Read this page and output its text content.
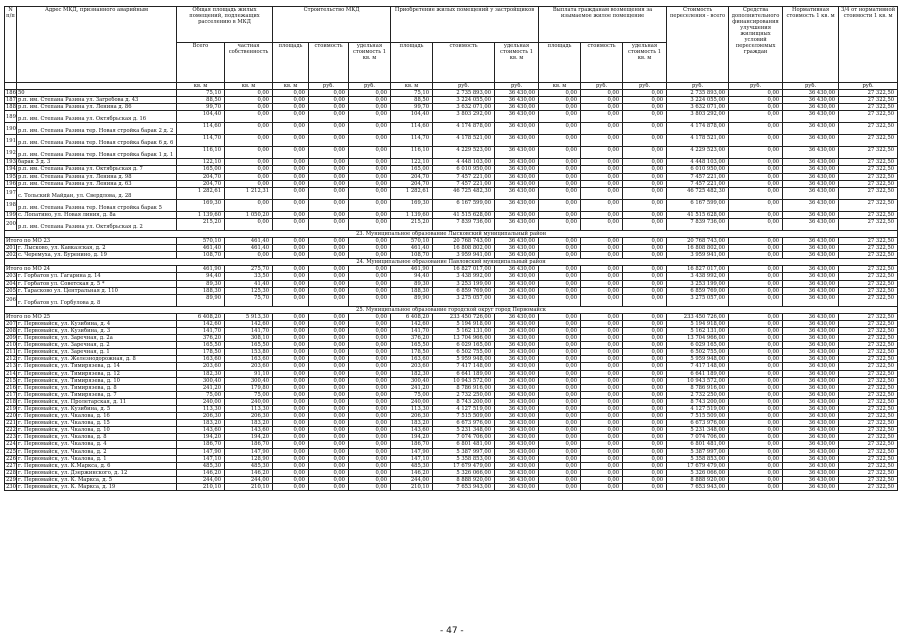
N п/п	Адрес МКД, признанного аварийным	Общая площадь жилых помещений, подлежащих расселению в МКД		Строительство МКД			Приобретение жилых помещений у застройщиков			Выплата гражданам возмещения за изымаемое жилое помещение			Стоимость переселения - всего	Средства дополнительного финансирования улучшения жилищных условий переселяемых граждан	Нормативная стоимость 1 кв. м	3/4 от нормативной стоимости 1 кв. м
		Всего	частная собственность	площадь	стоимость	удельная стоимость 1 кв. м	площадь	стоимость	удельная стоимость 1 кв. м	площадь	стоимость	удельная стоимость 1 кв. м				
		кв. м	кв. м	кв. м	руб.	руб.	кв. м	руб.	руб.	кв. м	руб.	руб.	руб.	руб.	руб.	руб.
186	50	75,10	0,00	0,00	0,00	0,00	75,10	2 735 893,00	36 430,00	0,00	0,00	0,00	2 735 893,00	0,00	36 430,00	27 322,50
187	р.п. им. Степана Разина ул. Загребова д. 43	88,50	0,00	0,00	0,00	0,00	88,50	3 224 055,00	36 430,00	0,00	0,00	0,00	3 224 055,00	0,00	36 430,00	27 322,50
188	р.п. им. Степана Разина ул. Ленина д. 86	99,70	0,00	0,00	0,00	0,00	99,70	3 632 071,00	36 430,00	0,00	0,00	0,00	3 632 071,00	0,00	36 430,00	27 322,50
189	р.п. им. Степана Разина ул. Октябрьская д. 16	104,40	0,00	0,00	0,00	0,00	104,40	3 803 292,00	36 430,00	0,00	0,00	0,00	3 803 292,00	0,00	36 430,00	27 322,50
190	р.п. им. Степана Разина тер. Новая стройка барак 2 д. 2	114,60	0,00	0,00	0,00	0,00	114,60	4 174 878,00	36 430,00	0,00	0,00	0,00	4 174 878,00	0,00	36 430,00	27 322,50
191	р.п. им. Степана Разина тер. Новая стройка барак 6 д. 6	114,70	0,00	0,00	0,00	0,00	114,70	4 178 521,00	36 430,00	0,00	0,00	0,00	4 178 521,00	0,00	36 430,00	27 322,50
192	р.п. им. Степана Разина тер. Новая стройка барак 1 д. 1	116,10	0,00	0,00	0,00	0,00	116,10	4 229 523,00	36 430,00	0,00	0,00	0,00	4 229 523,00	0,00	36 430,00	27 322,50
193	барак 3 д. 3	122,10	0,00	0,00	0,00	0,00	122,10	4 448 103,00	36 430,00	0,00	0,00	0,00	4 448 103,00	0,00	36 430,00	27 322,50
194	р.п. им. Степана Разина ул. Октябрьская д. 7	165,00	0,00	0,00	0,00	0,00	165,00	6 010 950,00	36 430,00	0,00	0,00	0,00	6 010 950,00	0,00	36 430,00	27 322,50
195	р.п. им. Степана Разина ул. Ленина д. 98	204,70	0,00	0,00	0,00	0,00	204,70	7 457 221,00	36 430,00	0,00	0,00	0,00	7 457 221,00	0,00	36 430,00	27 322,50
196	р.п. им. Степана Разина ул. Ленина д. 63	204,70	0,00	0,00	0,00	0,00	204,70	7 457 221,00	36 430,00	0,00	0,00	0,00	7 457 221,00	0,00	36 430,00	27 322,50
197	с. Тольский Майдан, ул. Свердлова, д. 28	1 282,61	1 212,31	0,00	0,00	0,00	1 282,61	46 725 482,30	36 430,00	0,00	0,00	0,00	46 725 482,30	0,00	36 430,00	27 322,50
198	р.п. им. Степана Разина тер. Новая стройка барак 5	169,30	0,00	0,00	0,00	0,00	169,30	6 167 599,00	36 430,00	0,00	0,00	0,00	6 167 599,00	0,00	36 430,00	27 322,50
199	с. Лопатино, ул. Новая линия, д. 8а	1 139,60	1 050,20	0,00	0,00	0,00	1 139,60	41 515 628,00	36 430,00	0,00	0,00	0,00	41 515 628,00	0,00	36 430,00	27 322,50
200	р.п. им. Степана Разина ул. Октябрьская д. 2	215,20	0,00	0,00	0,00	0,00	215,20	7 839 736,00	36 430,00	0,00	0,00	0,00	7 839 736,00	0,00	36 430,00	27 322,50
23. Муниципальное образование Лысковский муниципальный район																
Итого по МО 23		570,10	461,40	0,00	0,00	0,00	570,10	20 768 743,00	36 430,00	0,00	0,00	0,00	20 768 743,00	0,00	36 430,00	27 322,50
201	г. Лысково, ул. Кавказская, д. 2	461,40	461,40	0,00	0,00	0,00	461,40	16 808 802,00	36 430,00	0,00	0,00	0,00	16 808 802,00	0,00	36 430,00	27 322,50
202	с. Черемуха, ул. Буренино, д. 19	108,70	0,00	0,00	0,00	0,00	108,70	3 959 941,00	36 430,00	0,00	0,00	0,00	3 959 941,00	0,00	36 430,00	27 322,50
24. Муниципальное образование Павловский муниципальный район																
Итого по МО 24		461,90	275,70	0,00	0,00	0,00	461,90	16 827 017,00	36 430,00	0,00	0,00	0,00	16 827 017,00	0,00	36 430,00	27 322,50
203	г. Горбатов ул. Гагарина д. 14	94,40	33,50	0,00	0,00	0,00	94,40	3 438 992,00	36 430,00	0,00	0,00	0,00	3 438 992,00	0,00	36 430,00	27 322,50
204	г. Горбатов ул. Советская д. 5 *	89,30	41,40	0,00	0,00	0,00	89,30	3 253 199,00	36 430,00	0,00	0,00	0,00	3 253 199,00	0,00	36 430,00	27 322,50
205	г. Тарасково ул. Центральная д. 110	188,30	125,30	0,00	0,00	0,00	188,30	6 859 769,00	36 430,00	0,00	0,00	0,00	6 859 769,00	0,00	36 430,00	27 322,50
206	г. Горбатов ул. Горбулова д. 8	89,90	75,70	0,00	0,00	0,00	89,90	3 275 057,00	36 430,00	0,00	0,00	0,00	3 275 057,00	0,00	36 430,00	27 322,50
25. Муниципальное образование городской округ город Первомайск																
Итого по МО 25		6 408,20	5 913,30	0,00	0,00	0,00	6 408,20	233 450 726,00	36 430,00	0,00	0,00	0,00	233 450 726,00	0,00	36 430,00	27 322,50
207	г. Первомайск, ул. Кузибина, д. 4	142,60	142,60	0,00	0,00	0,00	142,60	5 194 918,00	36 430,00	0,00	0,00	0,00	5 194 918,00	0,00	36 430,00	27 322,50
208	г. Первомайск, ул. Кузибина, д. 3	141,70	141,70	0,00	0,00	0,00	141,70	5 162 131,00	36 430,00	0,00	0,00	0,00	5 162 131,00	0,00	36 430,00	27 322,50
209	г. Первомайск, ул. Заречная, д. 2а	376,20	308,10	0,00	0,00	0,00	376,20	13 704 966,00	36 430,00	0,00	0,00	0,00	13 704 966,00	0,00	36 430,00	27 322,50
210	г. Первомайск, ул. Заречная, д. 2	165,50	165,50	0,00	0,00	0,00	165,50	6 029 165,00	36 430,00	0,00	0,00	0,00	6 029 165,00	0,00	36 430,00	27 322,50
211	г. Первомайск, ул. Заречная, д. 1	178,50	153,80	0,00	0,00	0,00	178,50	6 502 755,00	36 430,00	0,00	0,00	0,00	6 502 755,00	0,00	36 430,00	27 322,50
212	г. Первомайск, ул. Железнодорожная, д. 8	163,60	163,60	0,00	0,00	0,00	163,60	5 959 948,00	36 430,00	0,00	0,00	0,00	5 959 948,00	0,00	36 430,00	27 322,50
213	г. Первомайск, ул. Тимирязева, д. 14	203,60	203,60	0,00	0,00	0,00	203,60	7 417 148,00	36 430,00	0,00	0,00	0,00	7 417 148,00	0,00	36 430,00	27 322,50
214	г. Первомайск, ул. Тимирязева, д. 12	182,30	91,10	0,00	0,00	0,00	182,30	6 641 189,00	36 430,00	0,00	0,00	0,00	6 641 189,00	0,00	36 430,00	27 322,50
215	г. Первомайск, ул. Тимирязева, д. 10	300,40	300,40	0,00	0,00	0,00	300,40	10 943 572,00	36 430,00	0,00	0,00	0,00	10 943 572,00	0,00	36 430,00	27 322,50
216	г. Первомайск, ул. Тимирязева, д. 8	241,20	179,80	0,00	0,00	0,00	241,20	8 786 916,00	36 430,00	0,00	0,00	0,00	8 786 916,00	0,00	36 430,00	27 322,50
217	г. Первомайск, ул. Тимирязева, д. 7	75,00	75,00	0,00	0,00	0,00	75,00	2 732 250,00	36 430,00	0,00	0,00	0,00	2 732 250,00	0,00	36 430,00	27 322,50
218	г. Первомайск, ул. Пролетарская, д. 11	240,00	240,00	0,00	0,00	0,00	240,00	8 743 200,00	36 430,00	0,00	0,00	0,00	8 743 200,00	0,00	36 430,00	27 322,50
219	г. Первомайск, ул. Кузибина, д. 5	113,30	113,30	0,00	0,00	0,00	113,30	4 127 519,00	36 430,00	0,00	0,00	0,00	4 127 519,00	0,00	36 430,00	27 322,50
220	г. Первомайск, ул. Чкалова, д. 16	206,30	206,30	0,00	0,00	0,00	206,30	7 515 509,00	36 430,00	0,00	0,00	0,00	7 515 509,00	0,00	36 430,00	27 322,50
221	г. Первомайск, ул. Чкалова, д. 15	183,20	183,20	0,00	0,00	0,00	183,20	6 673 976,00	36 430,00	0,00	0,00	0,00	6 673 976,00	0,00	36 430,00	27 322,50
222	г. Первомайск, ул. Чкалова, д. 10	143,60	143,60	0,00	0,00	0,00	143,60	5 231 348,00	36 430,00	0,00	0,00	0,00	5 231 348,00	0,00	36 430,00	27 322,50
223	г. Первомайск, ул. Чкалова, д. 8	194,20	194,20	0,00	0,00	0,00	194,20	7 074 706,00	36 430,00	0,00	0,00	0,00	7 074 706,00	0,00	36 430,00	27 322,50
224	г. Первомайск, ул. Чкалова, д. 4	186,70	186,70	0,00	0,00	0,00	186,70	6 801 481,00	36 430,00	0,00	0,00	0,00	6 801 481,00	0,00	36 430,00	27 322,50
225	г. Первомайск, ул. Чкалова, д. 2	147,90	147,90	0,00	0,00	0,00	147,90	5 387 997,00	36 430,00	0,00	0,00	0,00	5 387 997,00	0,00	36 430,00	27 322,50
226	г. Первомайск, ул. Чкалова, д. 1	147,10	128,90	0,00	0,00	0,00	147,10	5 358 853,00	36 430,00	0,00	0,00	0,00	5 358 853,00	0,00	36 430,00	27 322,50
227	г. Первомайск, ул. К.Маркса, д. 6	485,30	485,30	0,00	0,00	0,00	485,30	17 679 479,00	36 430,00	0,00	0,00	0,00	17 679 479,00	0,00	36 430,00	27 322,50
228	г. Первомайск, ул. Дзержинского, д. 12	146,20	146,20	0,00	0,00	0,00	146,20	5 326 066,00	36 430,00	0,00	0,00	0,00	5 326 066,00	0,00	36 430,00	27 322,50
229	г. Первомайск, ул. К. Маркса, д. 5	244,00	244,00	0,00	0,00	0,00	244,00	8 888 920,00	36 430,00	0,00	0,00	0,00	8 888 920,00	0,00	36 430,00	27 322,50
230	г. Первомайск, ул. К. Маркса, д. 19	210,10	210,10	0,00	0,00	0,00	210,10	7 653 943,00	36 430,00	0,00	0,00	0,00	7 653 943,00	0,00	36 430,00	27 322,50
- 47 -
